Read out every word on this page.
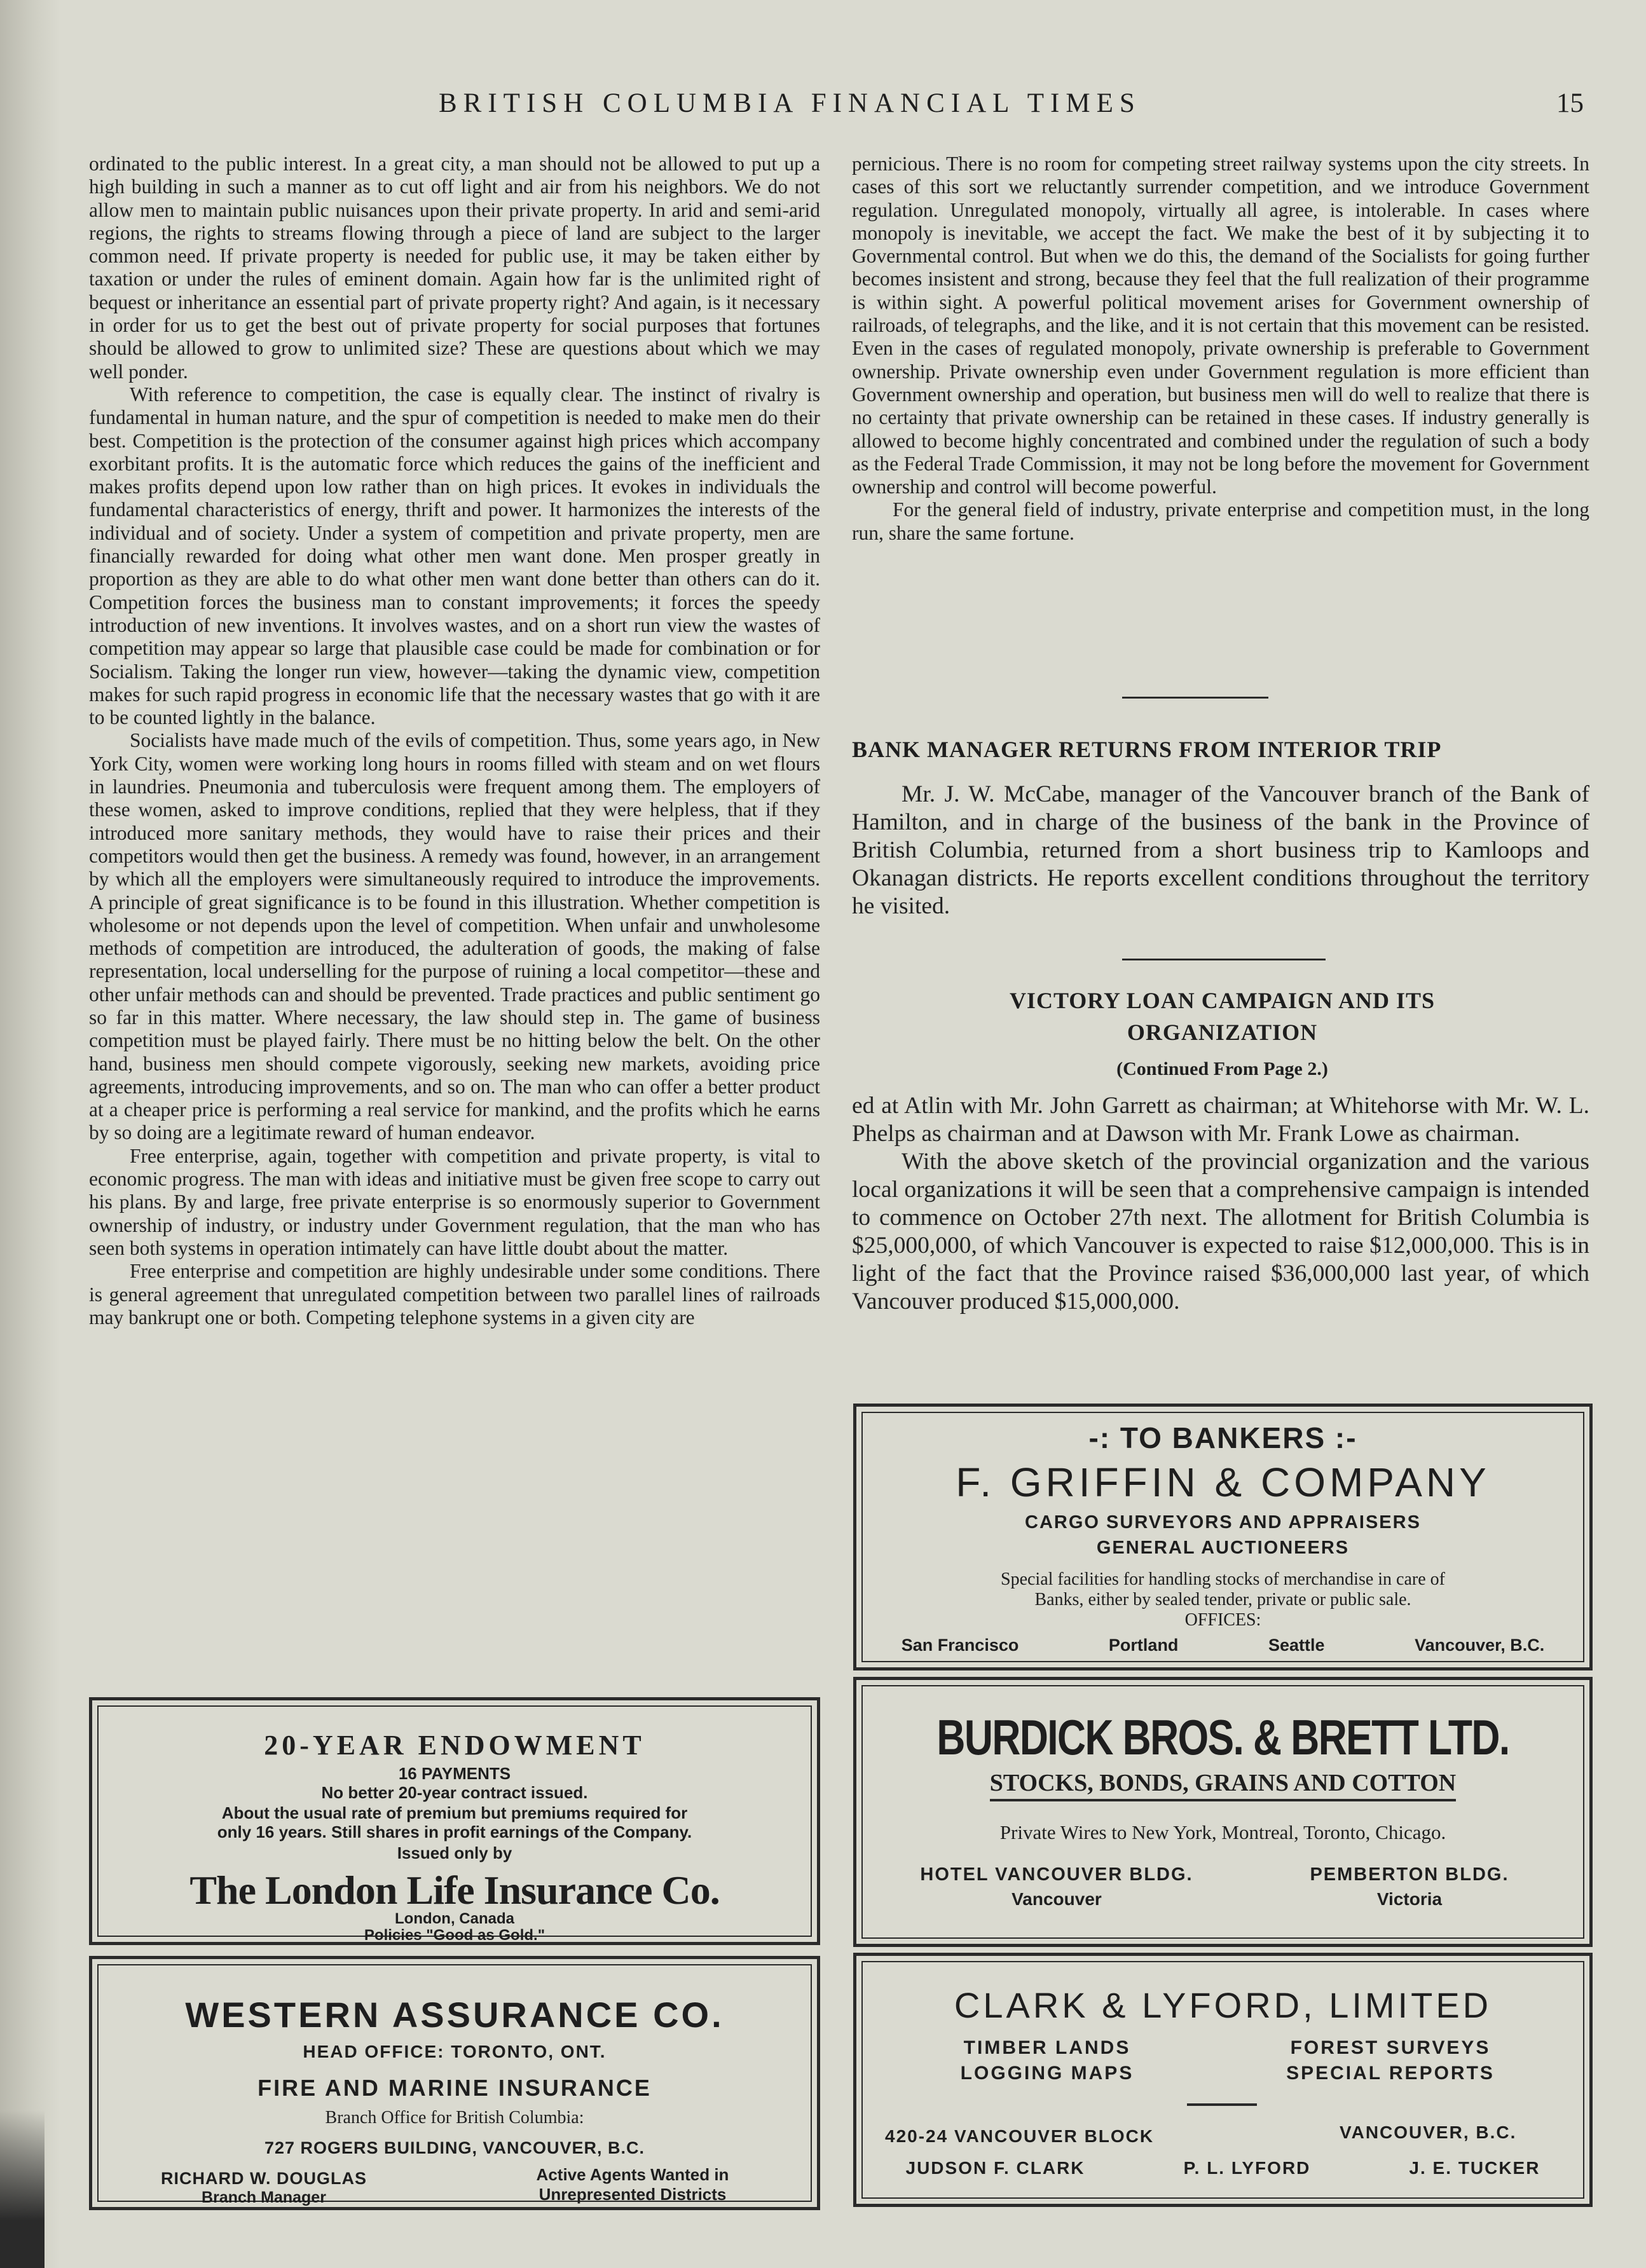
BRITISH COLUMBIA FINANCIAL TIMES	15

ordinated to the public interest. In a great city, a man should not be allowed to put up a high building in such a manner as to cut off light and air from his neighbors. We do not allow men to maintain public nuisances upon their private property. In arid and semi-arid regions, the rights to streams flowing through a piece of land are subject to the larger common need. If private property is needed for public use, it may be taken either by taxation or under the rules of eminent domain. Again how far is the unlimited right of bequest or inheritance an essential part of private property right? And again, is it necessary in order for us to get the best out of private property for social purposes that fortunes should be allowed to grow to unlimited size? These are questions about which we may well ponder.

With reference to competition, the case is equally clear. The instinct of rivalry is fundamental in human nature, and the spur of competition is needed to make men do their best. Competition is the protection of the consumer against high prices which accompany exorbitant profits. It is the automatic force which reduces the gains of the inefficient and makes profits depend upon low rather than on high prices. It evokes in individuals the fundamental characteristics of energy, thrift and power. It harmonizes the interests of the individual and of society. Under a system of competition and private property, men are financially rewarded for doing what other men want done. Men prosper greatly in proportion as they are able to do what other men want done better than others can do it. Competition forces the business man to constant improvements; it forces the speedy introduction of new inventions. It involves wastes, and on a short run view the wastes of competition may appear so large that plausible case could be made for combination or for Socialism. Taking the longer run view, however—taking the dynamic view, competition makes for such rapid progress in economic life that the necessary wastes that go with it are to be counted lightly in the balance.

Socialists have made much of the evils of competition. Thus, some years ago, in New York City, women were working long hours in rooms filled with steam and on wet flours in laundries. Pneumonia and tuberculosis were frequent among them. The employers of these women, asked to improve conditions, replied that they were helpless, that if they introduced more sanitary methods, they would have to raise their prices and their competitors would then get the business. A remedy was found, however, in an arrangement by which all the employers were simultaneously required to introduce the improvements. A principle of great significance is to be found in this illustration. Whether competition is wholesome or not depends upon the level of competition. When unfair and unwholesome methods of competition are introduced, the adulteration of goods, the making of false representation, local underselling for the purpose of ruining a local competitor—these and other unfair methods can and should be prevented. Trade practices and public sentiment go so far in this matter. Where necessary, the law should step in. The game of business competition must be played fairly. There must be no hitting below the belt. On the other hand, business men should compete vigorously, seeking new markets, avoiding price agreements, introducing improvements, and so on. The man who can offer a better product at a cheaper price is performing a real service for mankind, and the profits which he earns by so doing are a legitimate reward of human endeavor.

Free enterprise, again, together with competition and private property, is vital to economic progress. The man with ideas and initiative must be given free scope to carry out his plans. By and large, free private enterprise is so enormously superior to Government ownership of industry, or industry under Government regulation, that the man who has seen both systems in operation intimately can have little doubt about the matter.

Free enterprise and competition are highly undesirable under some conditions. There is general agreement that unregulated competition between two parallel lines of railroads may bankrupt one or both. Competing telephone systems in a given city are

pernicious. There is no room for competing street railway systems upon the city streets. In cases of this sort we reluctantly surrender competition, and we introduce Government regulation. Unregulated monopoly, virtually all agree, is intolerable. In cases where monopoly is inevitable, we accept the fact. We make the best of it by subjecting it to Governmental control. But when we do this, the demand of the Socialists for going further becomes insistent and strong, because they feel that the full realization of their programme is within sight. A powerful political movement arises for Government ownership of railroads, of telegraphs, and the like, and it is not certain that this movement can be resisted. Even in the cases of regulated monopoly, private ownership is preferable to Government ownership. Private ownership even under Government regulation is more efficient than Government ownership and operation, but business men will do well to realize that there is no certainty that private ownership can be retained in these cases. If industry generally is allowed to become highly concentrated and combined under the regulation of such a body as the Federal Trade Commission, it may not be long before the movement for Government ownership and control will become powerful.

For the general field of industry, private enterprise and competition must, in the long run, share the same fortune.

BANK MANAGER RETURNS FROM INTERIOR TRIP

Mr. J. W. McCabe, manager of the Vancouver branch of the Bank of Hamilton, and in charge of the business of the bank in the Province of British Columbia, returned from a short business trip to Kamloops and Okanagan districts. He reports excellent conditions throughout the territory he visited.

VICTORY LOAN CAMPAIGN AND ITS
ORGANIZATION
(Continued From Page 2.)

ed at Atlin with Mr. John Garrett as chairman; at Whitehorse with Mr. W. L. Phelps as chairman and at Dawson with Mr. Frank Lowe as chairman.

With the above sketch of the provincial organization and the various local organizations it will be seen that a comprehensive campaign is intended to commence on October 27th next. The allotment for British Columbia is $25,000,000, of which Vancouver is expected to raise $12,000,000. This is in light of the fact that the Province raised $36,000,000 last year, of which Vancouver produced $15,000,000.

20-YEAR ENDOWMENT
16 PAYMENTS
No better 20-year contract issued.
About the usual rate of premium but premiums required for
only 16 years. Still shares in profit earnings of the Company.
Issued only by
The London Life Insurance Co.
London, Canada
Policies "Good as Gold."
WESTERN ASSURANCE CO.
HEAD OFFICE: TORONTO, ONT.
FIRE AND MARINE INSURANCE
Branch Office for British Columbia:
727 ROGERS BUILDING, VANCOUVER, B.C.
RICHARD W. DOUGLAS
Branch Manager
Active Agents Wanted in
Unrepresented Districts
-: TO BANKERS :-
F. GRIFFIN & COMPANY
CARGO SURVEYORS AND APPRAISERS
GENERAL AUCTIONEERS
Special facilities for handling stocks of merchandise in care of
Banks, either by sealed tender, private or public sale.
OFFICES:
San Francisco	Portland	Seattle	Vancouver, B.C.
BURDICK BROS. & BRETT LTD.
STOCKS, BONDS, GRAINS AND COTTON
Private Wires to New York, Montreal, Toronto, Chicago.
HOTEL VANCOUVER BLDG.
Vancouver
PEMBERTON BLDG.
Victoria
CLARK & LYFORD, LIMITED
TIMBER LANDS
LOGGING MAPS
FOREST SURVEYS
SPECIAL REPORTS
420-24 VANCOUVER BLOCK	VANCOUVER, B.C.
JUDSON F. CLARK	P. L. LYFORD	J. E. TUCKER
